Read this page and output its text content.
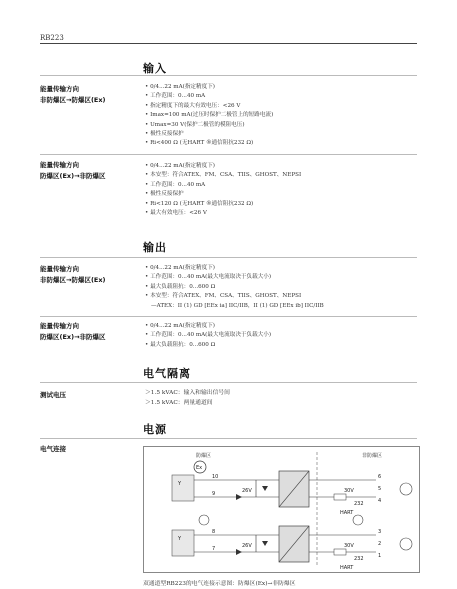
RB223
输入
能量传输方向
非防爆区→防爆区(Ex)
• 0/4...22 mA(指定精度下)
• 工作范围：0...40 mA
• 指定精度下的最大有效电压：<26 V
• Imax=100 mA(过压时保护二极管上的短路电流)
• Umax=30 V(保护二极管的模阻电压)
• 极性反接保护
• Ri<400 Ω (无HART ®通信阻抗232 Ω)
能量传输方向
防爆区(Ex)→非防爆区
• 0/4...22 mA(指定精度下)
• 本安型：符合ATEX、FM、CSA、TIIS、GHOST、NEPSI
• 工作范围：0...40 mA
• 极性反接保护
• Ri<120 Ω (无HART ®通信阻抗232 Ω)
• 最大有效电压：<26 V
输出
能量传输方向
非防爆区→防爆区(Ex)
• 0/4...22 mA(指定精度下)
• 工作范围：0...40 mA(最大电流取决于负载大小)
• 最大负载阻抗：0...600 Ω
• 本安型：符合ATEX、FM、CSA、TIIS、GHOST、NEPSI
—ATEX：II (1) GD [EEx ia] IIC/IIB，II (1) GD [EEx ib] IIC/IIB
能量传输方向
防爆区(Ex)→非防爆区
• 0/4...22 mA(指定精度下)
• 工作范围：0...40 mA(最大电流取决于负载大小)
• 最大负载阻抗：0...600 Ω
电气隔离
测试电压	＞1.5 kVAC：输入和输出信号间
＞1.5 kVAC：两量通道间
电源
电气连接
防爆区	非防爆区
Ex
Y
10
9	26V	30V
HART
232
6
5
4
Y
8
7	26V	30V
HART
232
3
2
1
双通道型RB223的电气连接示意图：防爆区(Ex)→非防爆区
